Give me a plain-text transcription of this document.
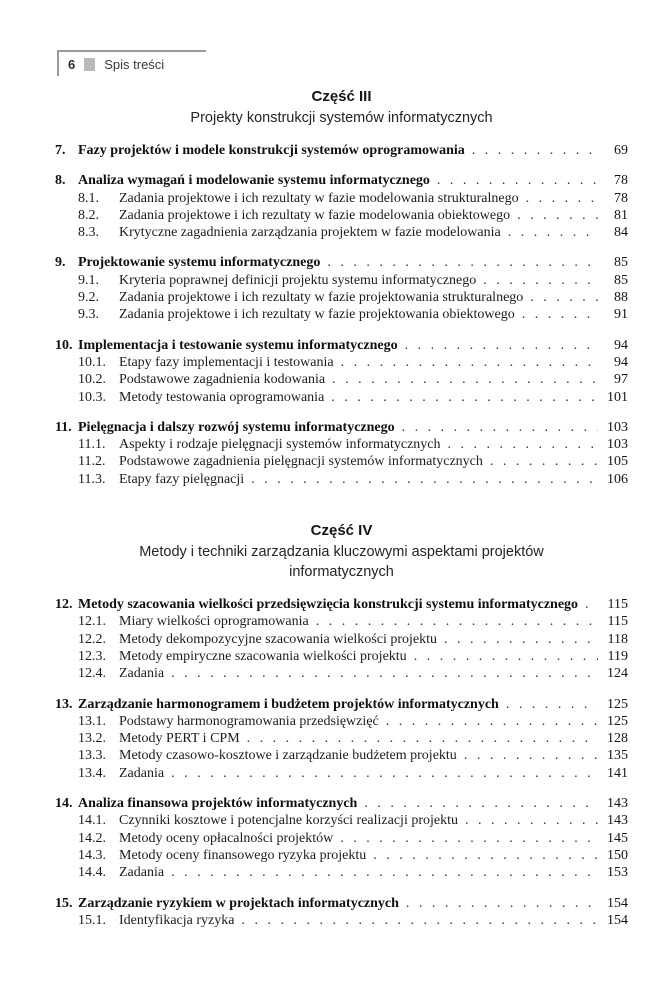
6 Spis treści
Część III

Projekty konstrukcji systemów informatycznych

7. Fazy projektów i modele konstrukcji systemów oprogramowania . . .	69
8. Analiza wymagań i modelowanie systemu informatycznego . . .	78
8.1.	Zadania projektowe i ich rezultaty w fazie modelowania strukturalnego . . .	78
8.2.	Zadania projektowe i ich rezultaty w fazie modelowania obiektowego . . .	81
8.3.	Krytyczne zagadnienia zarządzania projektem w fazie modelowania . . .	84
9. Projektowanie systemu informatycznego . . .	85
9.1.	Kryteria poprawnej definicji projektu systemu informatycznego . . .	85
9.2.	Zadania projektowe i ich rezultaty w fazie projektowania strukturalnego . . .	88
9.3.	Zadania projektowe i ich rezultaty w fazie projektowania obiektowego . . .	91
10. Implementacja i testowanie systemu informatycznego . . .	94
10.1. Etapy fazy implementacji i testowania . . .	94
10.2. Podstawowe zagadnienia kodowania . . .	97
10.3. Metody testowania oprogramowania . . .	101
11. Pielęgnacja i dalszy rozwój systemu informatycznego . . .	103
11.1. Aspekty i rodzaje pielęgnacji systemów informatycznych . . .	103
11.2. Podstawowe zagadnienia pielęgnacji systemów informatycznych . . .	105
11.3. Etapy fazy pielęgnacji . . .	106
Część IV

Metody i techniki zarządzania kluczowymi aspektami projektów informatycznych

12. Metody szacowania wielkości przedsięwzięcia konstrukcji systemu informatycznego . . .	115
12.1. Miary wielkości oprogramowania . . .	115
12.2. Metody dekompozycyjne szacowania wielkości projektu . . .	118
12.3. Metody empiryczne szacowania wielkości projektu . . .	119
12.4. Zadania . . .	124
13. Zarządzanie harmonogramem i budżetem projektów informatycznych . . .	125
13.1. Podstawy harmonogramowania przedsięwzięć . . .	125
13.2. Metody PERT i CPM . . .	128
13.3. Metody czasowo-kosztowe i zarządzanie budżetem projektu . . .	135
13.4. Zadania . . .	141
14. Analiza finansowa projektów informatycznych . . .	143
14.1. Czynniki kosztowe i potencjalne korzyści realizacji projektu . . .	143
14.2. Metody oceny opłacalności projektów . . .	145
14.3. Metody oceny finansowego ryzyka projektu . . .	150
14.4. Zadania . . .	153
15. Zarządzanie ryzykiem w projektach informatycznych . . .	154
15.1. Identyfikacja ryzyka . . .	154
